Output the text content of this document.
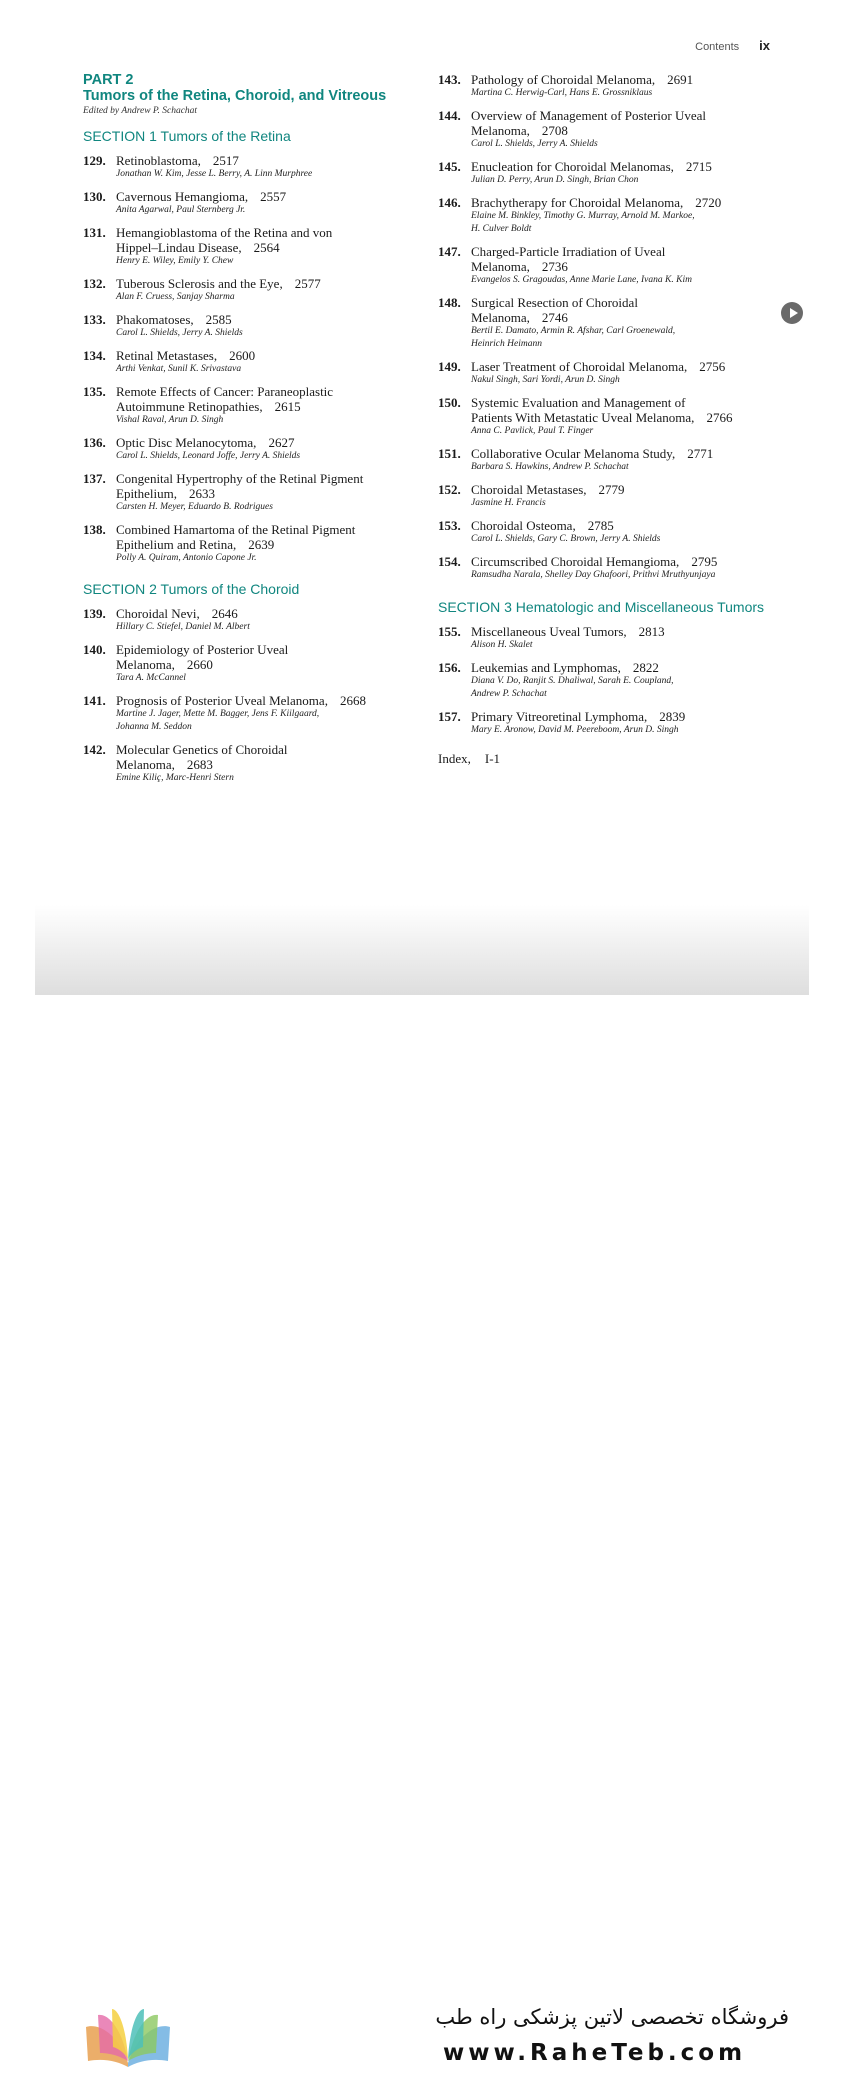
Contents ix
PART 2
Tumors of the Retina, Choroid, and Vitreous
Edited by Andrew P. Schachat
SECTION 1 Tumors of the Retina
129. Retinoblastoma, 2517
Jonathan W. Kim, Jesse L. Berry, A. Linn Murphree
130. Cavernous Hemangioma, 2557
Anita Agarwal, Paul Sternberg Jr.
131. Hemangioblastoma of the Retina and von
Hippel–Lindau Disease, 2564
Henry E. Wiley, Emily Y. Chew
132. Tuberous Sclerosis and the Eye, 2577
Alan F. Cruess, Sanjay Sharma
133. Phakomatoses, 2585
Carol L. Shields, Jerry A. Shields
134. Retinal Metastases, 2600
Arthi Venkat, Sunil K. Srivastava
135. Remote Effects of Cancer: Paraneoplastic
Autoimmune Retinopathies, 2615
Vishal Raval, Arun D. Singh
136. Optic Disc Melanocytoma, 2627
Carol L. Shields, Leonard Joffe, Jerry A. Shields
137. Congenital Hypertrophy of the Retinal Pigment
Epithelium, 2633
Carsten H. Meyer, Eduardo B. Rodrigues
138. Combined Hamartoma of the Retinal Pigment
Epithelium and Retina, 2639
Polly A. Quiram, Antonio Capone Jr.
SECTION 2 Tumors of the Choroid
139. Choroidal Nevi, 2646
Hillary C. Stiefel, Daniel M. Albert
140. Epidemiology of Posterior Uveal
Melanoma, 2660
Tara A. McCannel
141. Prognosis of Posterior Uveal Melanoma, 2668
Martine J. Jager, Mette M. Bagger, Jens F. Kiilgaard,
Johanna M. Seddon
142. Molecular Genetics of Choroidal
Melanoma, 2683
Emine Kiliç, Marc-Henri Stern
143. Pathology of Choroidal Melanoma, 2691
Martina C. Herwig-Carl, Hans E. Grossniklaus
144. Overview of Management of Posterior Uveal
Melanoma, 2708
Carol L. Shields, Jerry A. Shields
145. Enucleation for Choroidal Melanomas, 2715
Julian D. Perry, Arun D. Singh, Brian Chon
146. Brachytherapy for Choroidal Melanoma, 2720
Elaine M. Binkley, Timothy G. Murray, Arnold M. Markoe,
H. Culver Boldt
147. Charged-Particle Irradiation of Uveal
Melanoma, 2736
Evangelos S. Gragoudas, Anne Marie Lane, Ivana K. Kim
148. Surgical Resection of Choroidal
Melanoma, 2746
Bertil E. Damato, Armin R. Afshar, Carl Groenewald,
Heinrich Heimann
149. Laser Treatment of Choroidal Melanoma, 2756
Nakul Singh, Sari Yordi, Arun D. Singh
150. Systemic Evaluation and Management of
Patients With Metastatic Uveal Melanoma, 2766
Anna C. Pavlick, Paul T. Finger
151. Collaborative Ocular Melanoma Study, 2771
Barbara S. Hawkins, Andrew P. Schachat
152. Choroidal Metastases, 2779
Jasmine H. Francis
153. Choroidal Osteoma, 2785
Carol L. Shields, Gary C. Brown, Jerry A. Shields
154. Circumscribed Choroidal Hemangioma, 2795
Ramsudha Narala, Shelley Day Ghafoori, Prithvi Mruthyunjaya
SECTION 3 Hematologic and Miscellaneous Tumors
155. Miscellaneous Uveal Tumors, 2813
Alison H. Skalet
156. Leukemias and Lymphomas, 2822
Diana V. Do, Ranjit S. Dhaliwal, Sarah E. Coupland,
Andrew P. Schachat
157. Primary Vitreoretinal Lymphoma, 2839
Mary E. Aronow, David M. Peereboom, Arun D. Singh
Index, I-1
فروشگاه تخصصی لاتین پزشکی راه طب
www.RaheTeb.com
